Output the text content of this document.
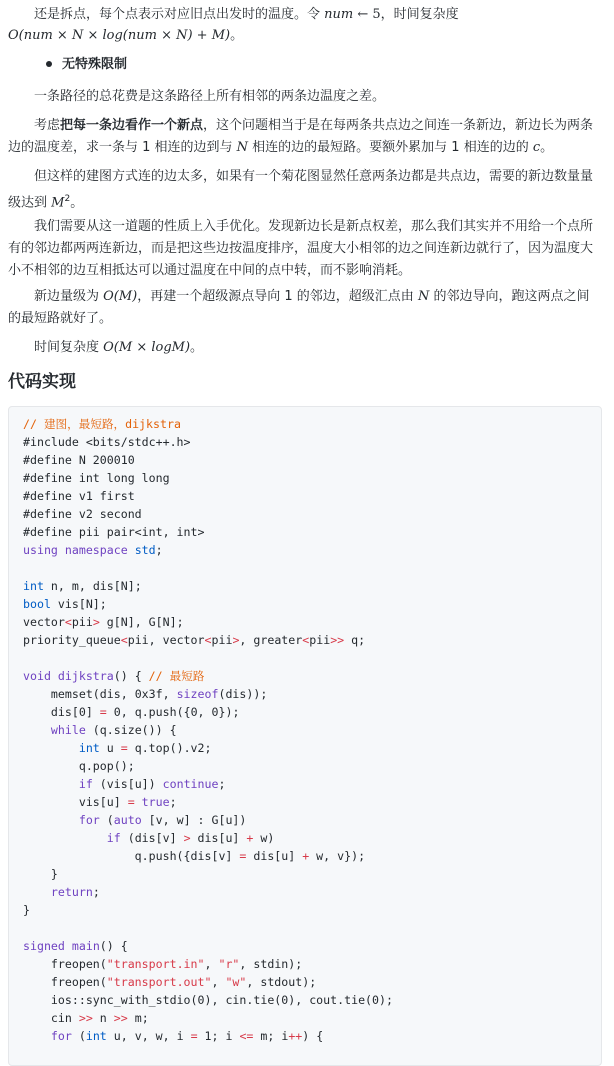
还是拆点，每个点表示对应旧点出发时的温度。令 num ← 5，时间复杂度

O(num × N × log(num × N) + M)。

无特殊限制

一条路径的总花费是这条路径上所有相邻的两条边温度之差。

考虑把每一条边看作一个新点，这个问题相当于是在每两条共点边之间连一条新边，新边长为两条边的温度差，求一条与 1 相连的边到与 N 相连的边的最短路。要额外累加与 1 相连的边的 c。

但这样的建图方式连的边太多，如果有一个菊花图显然任意两条边都是共点边，需要的新边数量量级达到 $M^2$。

我们需要从这一道题的性质上入手优化。发现新边长是新点权差，那么我们其实并不用给一个点所有的邻边都两两连新边，而是把这些边按温度排序，温度大小相邻的边之间连新边就行了，因为温度大小不相邻的边互相抵达可以通过温度在中间的点中转，而不影响消耗。

新边量级为 O(M)，再建一个超级源点导向 1 的邻边，超级汇点由 N 的邻边导向，跑这两点之间的最短路就好了。

时间复杂度 O(M × logM)。

代码实现
// 建图，最短路，dijkstra
#include <bits/stdc++.h>
#define N 200010
#define int long long
#define v1 first
#define v2 second
#define pii pair<int, int>
using namespace std;
int n, m, dis[N];
bool vis[N];
vector<pii> g[N], G[N];
priority_queue<pii, vector<pii>, greater<pii>> q;
void dijkstra() { // 最短路
memset(dis, 0x3f, sizeof(dis));
dis[0] = 0, q.push({0, 0});
while (q.size()) {
int u = q.top().v2;
q.pop();
if (vis[u]) continue;
vis[u] = true;
for (auto [v, w] : G[u])
if (dis[v] > dis[u] + w)
q.push({dis[v] = dis[u] + w, v});
}
return;
}
signed main() {
freopen("transport.in", "r", stdin);
freopen("transport.out", "w", stdout);
ios::sync_with_stdio(0), cin.tie(0), cout.tie(0);
cin >> n >> m;
for (int u, v, w, i = 1; i <= m; i++) {
